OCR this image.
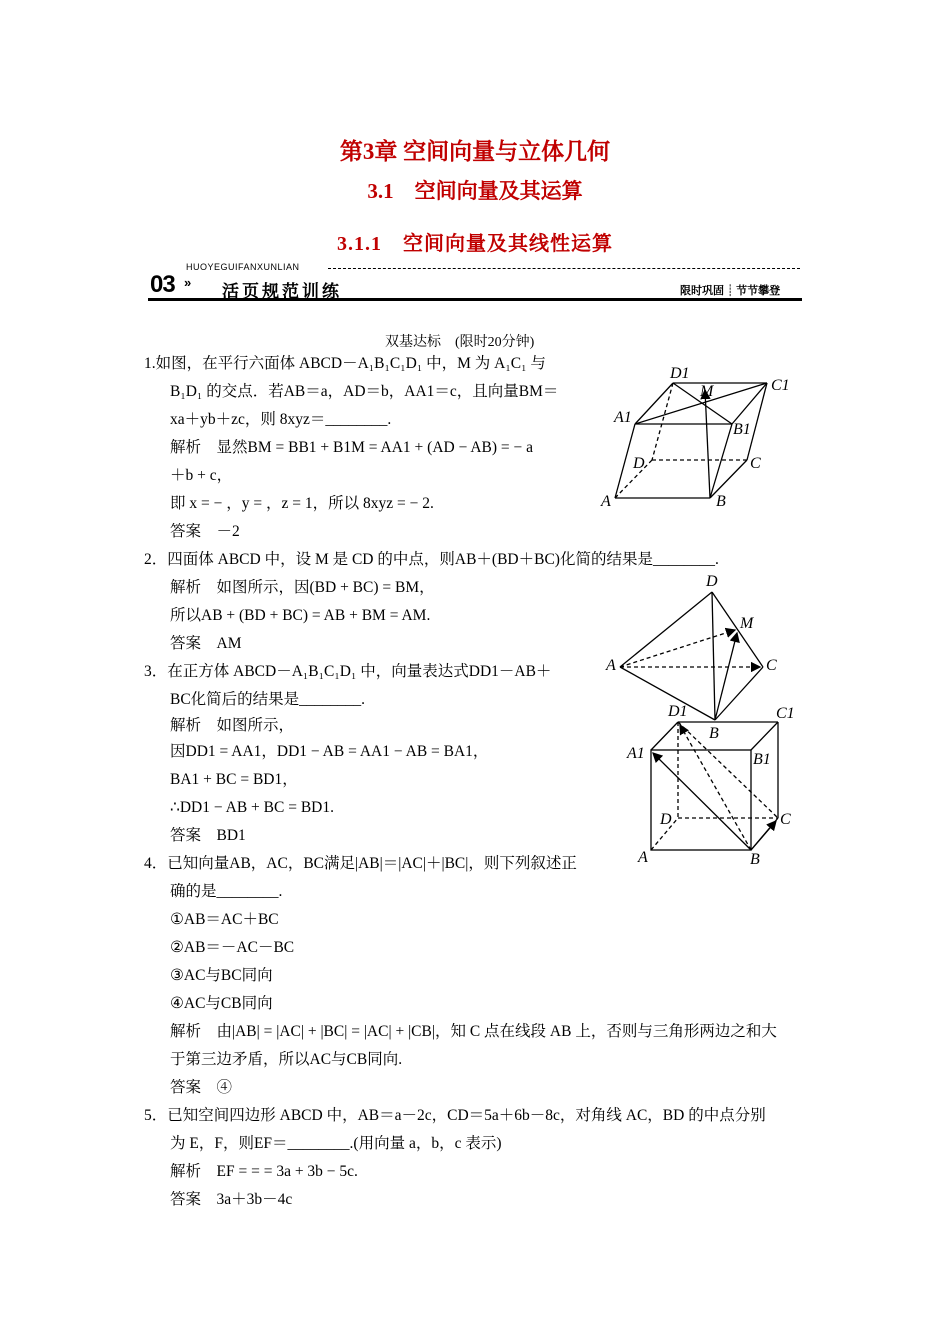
第3章 空间向量与立体几何
3.1　空间向量及其运算
3.1.1　空间向量及其线性运算
03 »
HUOYEGUIFANXUNLIAN
活页规范训练	限时巩固 ┊ 节节攀登
双基达标　(限时20分钟)
1.如图，在平行六面体 ABCD－A₁B₁C₁D₁ 中，M 为 A₁C₁ 与
B₁D₁ 的交点．若AB＝a，AD＝b，AA1＝c，且向量BM＝
xa＋yb＋zc，则 8xyz＝________.
解析　显然BM = BB1 + B1M = AA1 + (AD − AB) = − a
＋b + c，
即 x = − ，y = ，z = 1，所以 8xyz = − 2.
答案　－2
2．四面体 ABCD 中，设 M 是 CD 的中点，则AB＋(BD＋BC)化简的结果是________.
解析　如图所示，因(BD + BC) = BM，
所以AB + (BD + BC) = AB + BM = AM.
答案　AM
3．在正方体 ABCD－A₁B₁C₁D₁ 中，向量表达式DD1－AB＋
BC化简后的结果是________.
解析　如图所示，
因DD1 = AA1，DD1 − AB = AA1 − AB = BA1，
BA1 + BC = BD1，
∴DD1 − AB + BC = BD1.
答案　BD1
4．已知向量AB，AC，BC满足|AB|＝|AC|＋|BC|，则下列叙述正
确的是________.
①AB＝AC＋BC
②AB＝－AC－BC
③AC与BC同向
④AC与CB同向
解析　由|AB| = |AC| + |BC| = |AC| + |CB|，知 C 点在线段 AB 上，否则与三角形两边之和大
于第三边矛盾，所以AC与CB同向.
答案　④
5．已知空间四边形 ABCD 中，AB＝a－2c，CD＝5a＋6b－8c，对角线 AC，BD 的中点分别
为 E，F，则EF＝________.(用向量 a，b，c 表示)
解析　EF = = = 3a + 3b − 5c.
答案　3a＋3b－4c
D1
M	C1
A1
B1
D	C
A	B
D
M
A	C
B
D1	C1
A1	B1
D	C
A	B
